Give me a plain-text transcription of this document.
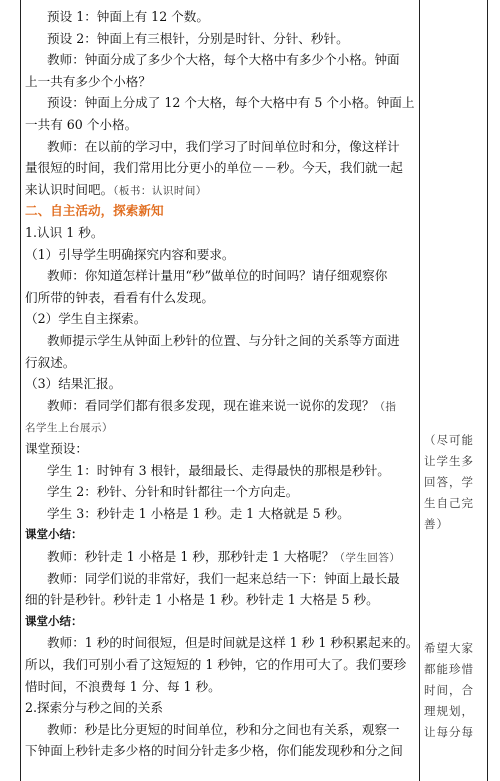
预设 1：钟面上有 12 个数。
预设 2：钟面上有三根针，分别是时针、分针、秒针。
教师：钟面分成了多少个大格，每个大格中有多少个小格。钟面
上一共有多少个小格？
预设：钟面上分成了 12 个大格，每个大格中有 5 个小格。钟面上
一共有 60 个小格。
教师：在以前的学习中，我们学习了时间单位时和分，像这样计
量很短的时间，我们常用比分更小的单位－－秒。今天，我们就一起
来认识时间吧。（板书：认识时间）
二、自主活动，探索新知
1.认识 1 秒。
（1）引导学生明确探究内容和要求。
教师：你知道怎样计量用“秒”做单位的时间吗？请仔细观察你
们所带的钟表，看看有什么发现。
（2）学生自主探索。
教师提示学生从钟面上秒针的位置、与分针之间的关系等方面进
行叙述。
（3）结果汇报。
教师：看同学们都有很多发现，现在谁来说一说你的发现？（指
名学生上台展示）
课堂预设：
学生 1：时钟有 3 根针，最细最长、走得最快的那根是秒针。
学生 2：秒针、分针和时针都往一个方向走。
学生 3：秒针走 1 小格是 1 秒。走 1 大格就是 5 秒。
课堂小结：
教师：秒针走 1 小格是 1 秒，那秒针走 1 大格呢？（学生回答）
教师：同学们说的非常好，我们一起来总结一下：钟面上最长最
细的针是秒针。秒针走 1 小格是 1 秒。秒针走 1 大格是 5 秒。
课堂小结：
教师：1 秒的时间很短，但是时间就是这样 1 秒 1 秒积累起来的。
所以，我们可别小看了这短短的 1 秒钟，它的作用可大了。我们要珍
惜时间，不浪费每 1 分、每 1 秒。
2.探索分与秒之间的关系
教师：秒是比分更短的时间单位，秒和分之间也有关系，观察一
下钟面上秒针走多少格的时间分针走多少格，你们能发现秒和分之间
（尽可能
让学生多
回答，学
生自己完
善）
希望大家
都能珍惜
时间，合
理规划，
让每分每
